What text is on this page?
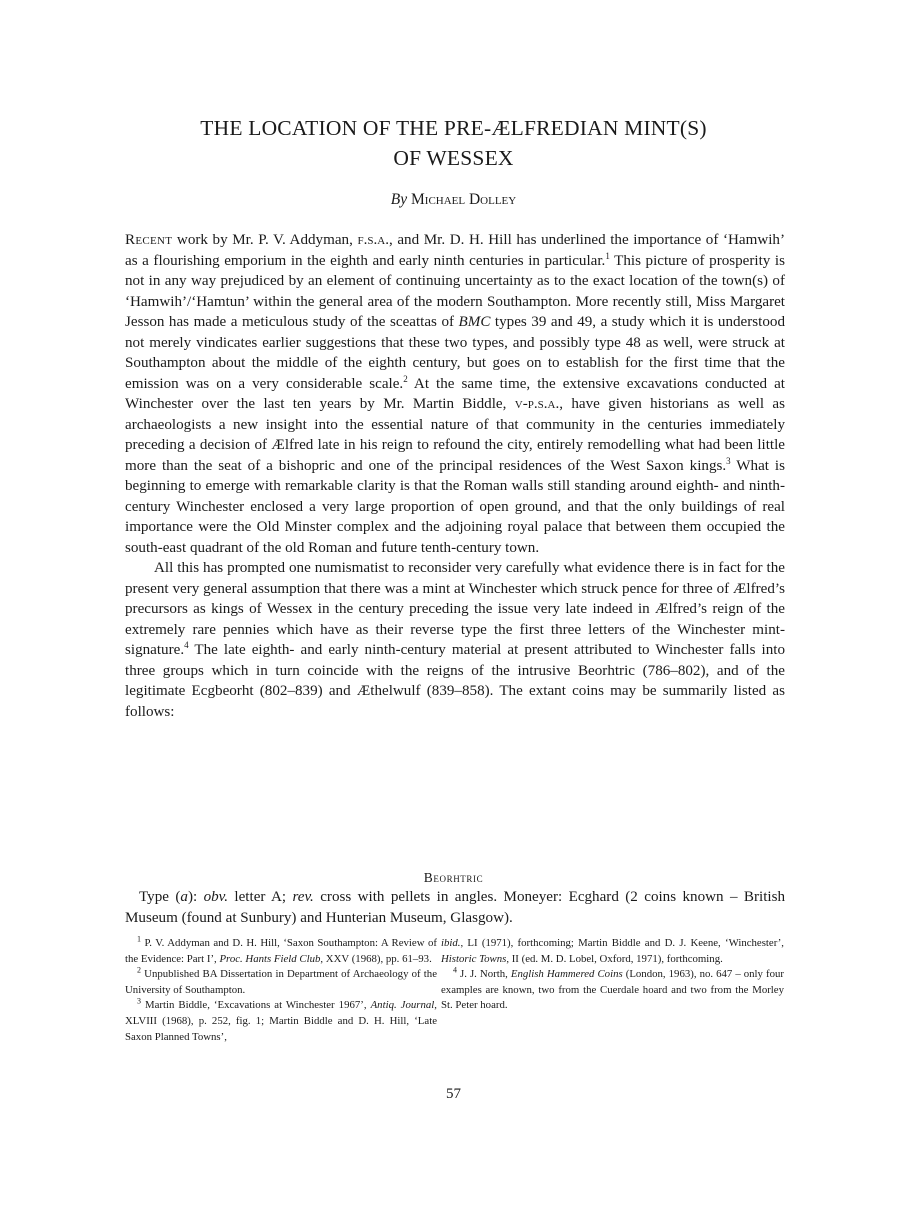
THE LOCATION OF THE PRE-ÆLFREDIAN MINT(S)
OF WESSEX
By Michael Dolley

Recent work by Mr. P. V. Addyman, f.s.a., and Mr. D. H. Hill has underlined the importance of ‘Hamwih’ as a flourishing emporium in the eighth and early ninth centuries in particular.$^1$ This picture of prosperity is not in any way prejudiced by an element of continuing uncertainty as to the exact location of the town(s) of ‘Hamwih’/‘Hamtun’ within the general area of the modern Southampton. More recently still, Miss Margaret Jesson has made a meticulous study of the sceattas of BMC types 39 and 49, a study which it is understood not merely vindicates earlier suggestions that these two types, and possibly type 48 as well, were struck at Southampton about the middle of the eighth century, but goes on to establish for the first time that the emission was on a very considerable scale.$^2$ At the same time, the extensive excavations conducted at Winchester over the last ten years by Mr. Martin Biddle, v-p.s.a., have given historians as well as archaeologists a new insight into the essential nature of that community in the centuries immediately preceding a decision of Ælfred late in his reign to refound the city, entirely remodelling what had been little more than the seat of a bishopric and one of the principal residences of the West Saxon kings.$^3$ What is beginning to emerge with remarkable clarity is that the Roman walls still standing around eighth- and ninth-century Winchester enclosed a very large proportion of open ground, and that the only buildings of real importance were the Old Minster complex and the adjoining royal palace that between them occupied the south-east quadrant of the old Roman and future tenth-century town.

All this has prompted one numismatist to reconsider very carefully what evidence there is in fact for the present very general assumption that there was a mint at Winchester which struck pence for three of Ælfred’s precursors as kings of Wessex in the century preceding the issue very late indeed in Ælfred’s reign of the extremely rare pennies which have as their reverse type the first three letters of the Winchester mint-signature.$^4$ The late eighth- and early ninth-century material at present attributed to Winchester falls into three groups which in turn coincide with the reigns of the intrusive Beorhtric (786–802), and of the legitimate Ecgbeorht (802–839) and Æthelwulf (839–858). The extant coins may be summarily listed as follows:

Beorhtric

Type (a): obv. letter A; rev. cross with pellets in angles. Moneyer: Ecghard (2 coins known – British Museum (found at Sunbury) and Hunterian Museum, Glasgow).

$^1$ P. V. Addyman and D. H. Hill, ‘Saxon Southampton: A Review of the Evidence: Part I’, Proc. Hants Field Club, XXV (1968), pp. 61–93.

$^2$ Unpublished BA Dissertation in Department of Archaeology of the University of Southampton.

$^3$ Martin Biddle, ‘Excavations at Winchester 1967’, Antiq. Journal, XLVIII (1968), p. 252, fig. 1; Martin Biddle and D. H. Hill, ‘Late Saxon Planned Towns’,

ibid., LI (1971), forthcoming; Martin Biddle and D. J. Keene, ‘Winchester’, Historic Towns, II (ed. M. D. Lobel, Oxford, 1971), forthcoming.

$^4$ J. J. North, English Hammered Coins (London, 1963), no. 647 – only four examples are known, two from the Cuerdale hoard and two from the Morley St. Peter hoard.

57
